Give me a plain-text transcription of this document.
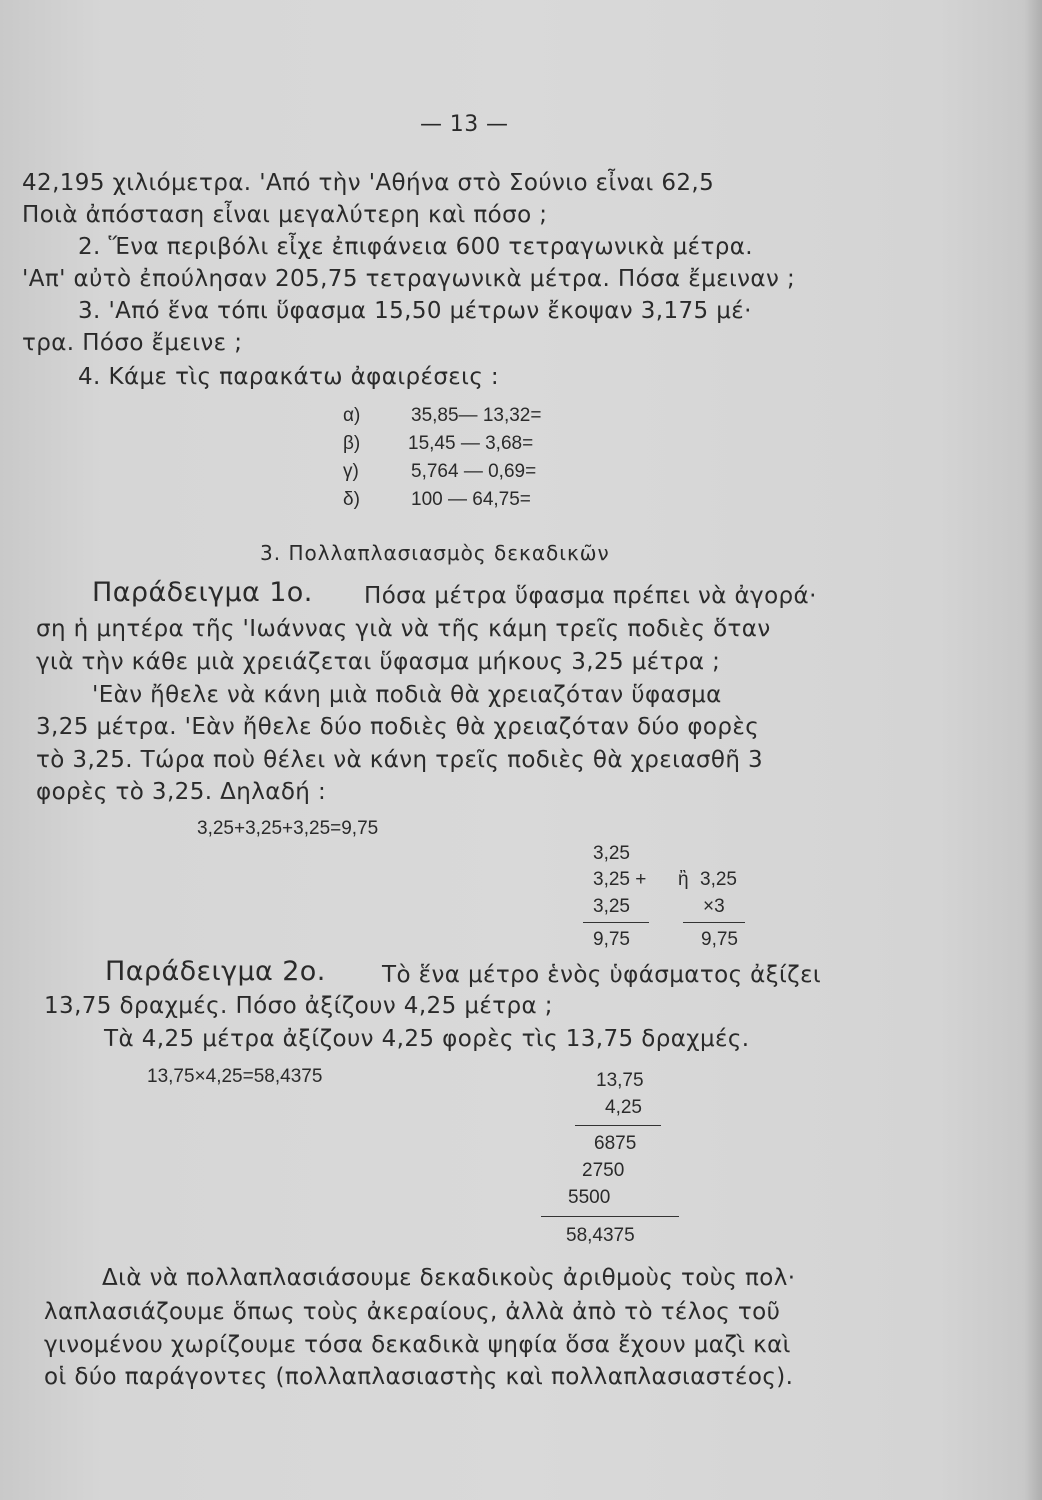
— 13 —
42,195 χιλιόμετρα. 'Από τὴν 'Αθήνα στὸ Σούνιο εἶναι 62,5
Ποιὰ ἀπόσταση εἶναι μεγαλύτερη καὶ πόσο ;
2. Ἕνα περιβόλι εἶχε ἐπιφάνεια 600 τετραγωνικὰ μέτρα.
'Απ' αὐτὸ ἐπούλησαν 205,75 τετραγωνικὰ μέτρα. Πόσα ἔμειναν ;
3. 'Από ἕνα τόπι ὕφασμα 15,50 μέτρων ἔκοψαν 3,175 μέ·
τρα. Πόσο ἔμεινε ;
4. Κάμε τὶς παρακάτω ἀφαιρέσεις :
α)	35,85— 13,32=
β)	15,45 — 3,68=
γ)	5,764 — 0,69=
δ)	100 — 64,75=
3. Πολλαπλασιασμὸς δεκαδικῶν
Παράδειγμα 1ο. Πόσα μέτρα ὕφασμα πρέπει νὰ ἀγορά·
ση ἡ μητέρα τῆς 'Ιωάννας γιὰ νὰ τῆς κάμη τρεῖς ποδιὲς ὅταν
γιὰ τὴν κάθε μιὰ χρειάζεται ὕφασμα μήκους 3,25 μέτρα ;
'Εὰν ἤθελε νὰ κάνη μιὰ ποδιὰ θὰ χρειαζόταν ὕφασμα
3,25 μέτρα. 'Εὰν ἤθελε δύο ποδιὲς θὰ χρειαζόταν δύο φορὲς
τὸ 3,25. Τώρα ποὺ θέλει νὰ κάνη τρεῖς ποδιὲς θὰ χρειασθῆ 3
φορὲς τὸ 3,25. Δηλαδή :
3,25+3,25+3,25=9,75
3,25
3,25 +
3,25
9,75
ἢ 3,25
×3
9,75
Παράδειγμα 2ο. Τὸ ἕνα μέτρο ἑνὸς ὑφάσματος ἀξίζει
13,75 δραχμές. Πόσο ἀξίζουν 4,25 μέτρα ;
Τὰ 4,25 μέτρα ἀξίζουν 4,25 φορὲς τὶς 13,75 δραχμές.
13,75×4,25=58,4375	13,75
4,25
6875
2750
5500
58,4375
Διὰ νὰ πολλαπλασιάσουμε δεκαδικοὺς ἀριθμοὺς τοὺς πολ·
λαπλασιάζουμε ὅπως τοὺς ἀκεραίους, ἀλλὰ ἀπὸ τὸ τέλος τοῦ
γινομένου χωρίζουμε τόσα δεκαδικὰ ψηφία ὅσα ἔχουν μαζὶ καὶ
οἱ δύο παράγοντες (πολλαπλασιαστὴς καὶ πολλαπλασιαστέος).
